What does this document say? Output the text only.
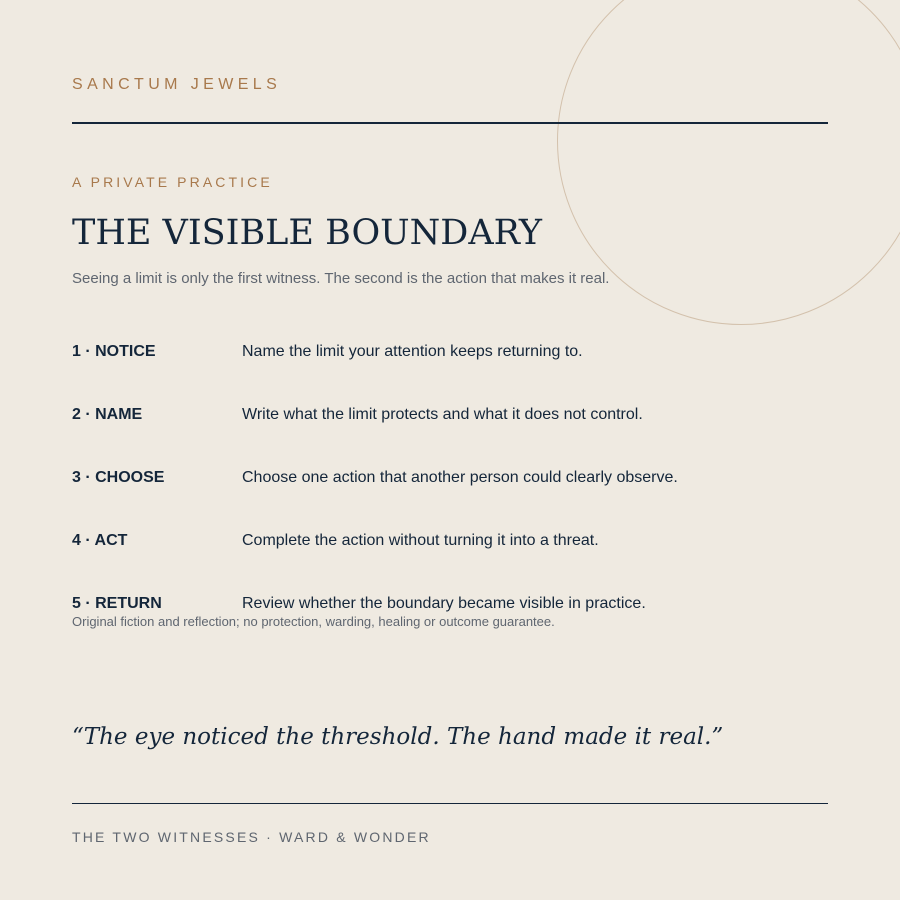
SANCTUM JEWELS
A PRIVATE PRACTICE
THE VISIBLE BOUNDARY
Seeing a limit is only the first witness. The second is the action that makes it real.
1 · NOTICE	Name the limit your attention keeps returning to.
2 · NAME	Write what the limit protects and what it does not control.
3 · CHOOSE	Choose one action that another person could clearly observe.
4 · ACT	Complete the action without turning it into a threat.
5 · RETURN	Review whether the boundary became visible in practice.
Original fiction and reflection; no protection, warding, healing or outcome guarantee.
“The eye noticed the threshold. The hand made it real.”
THE TWO WITNESSES · WARD & WONDER
